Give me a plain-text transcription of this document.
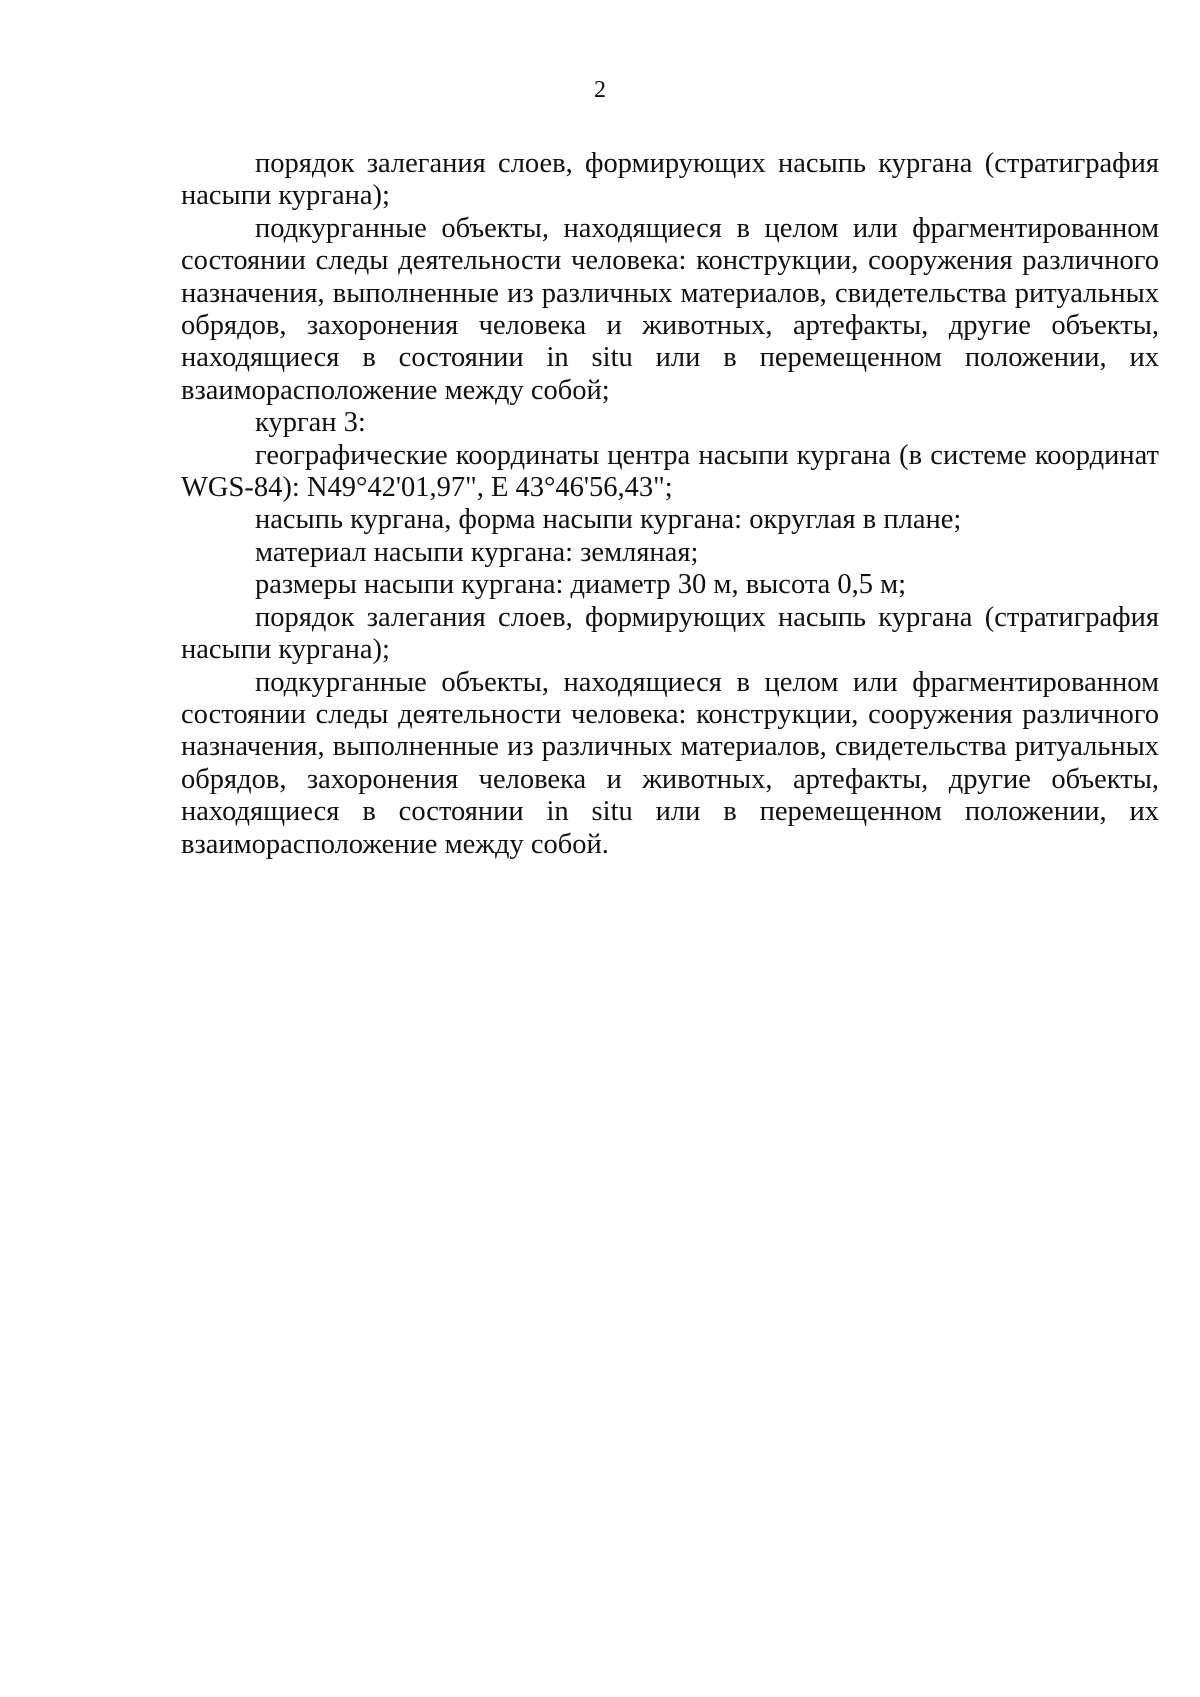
2

порядок залегания слоев, формирующих насыпь кургана (стратиграфия насыпи кургана);

подкурганные объекты, находящиеся в целом или фрагментированном состоянии следы деятельности человека: конструкции, сооружения различного назначения, выполненные из различных материалов, свидетельства ритуальных обрядов, захоронения человека и животных, артефакты, другие объекты, находящиеся в состоянии in situ или в перемещенном положении, их взаиморасположение между собой;

курган 3:

географические координаты центра насыпи кургана (в системе координат WGS-84): N49°42'01,97", E 43°46'56,43";

насыпь кургана, форма насыпи кургана: округлая в плане;

материал насыпи кургана: земляная;

размеры насыпи кургана: диаметр 30 м, высота 0,5 м;

порядок залегания слоев, формирующих насыпь кургана (стратиграфия насыпи кургана);

подкурганные объекты, находящиеся в целом или фрагментированном состоянии следы деятельности человека: конструкции, сооружения различного назначения, выполненные из различных материалов, свидетельства ритуальных обрядов, захоронения человека и животных, артефакты, другие объекты, находящиеся в состоянии in situ или в перемещенном положении, их взаиморасположение между собой.
